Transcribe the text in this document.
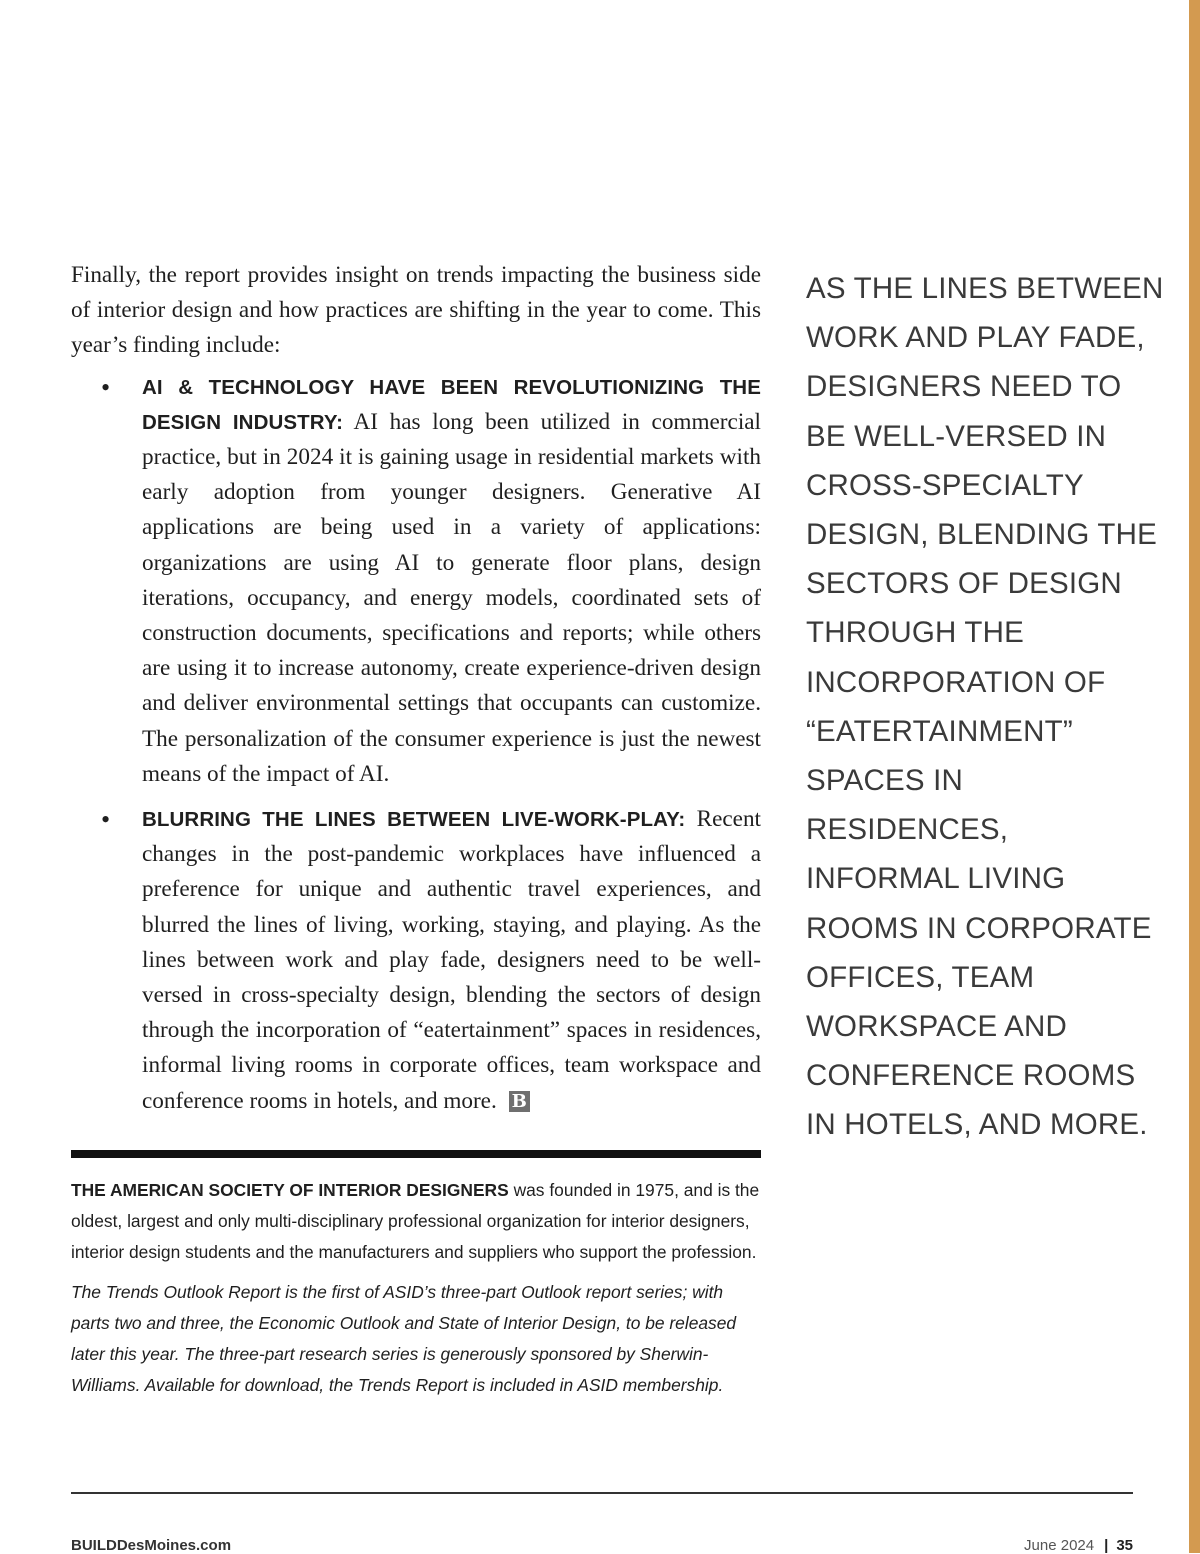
Finally, the report provides insight on trends impacting the business side of interior design and how practices are shifting in the year to come. This year’s finding include:

• AI & TECHNOLOGY HAVE BEEN REVOLUTIONIZING THE DESIGN INDUSTRY: AI has long been utilized in commercial practice, but in 2024 it is gaining usage in residential markets with early adoption from younger designers. Generative AI applications are being used in a variety of applications: organizations are using AI to generate floor plans, design iterations, occupancy, and energy models, coordinated sets of construction documents, specifications and reports; while others are using it to increase autonomy, create experience-driven design and deliver environmental settings that occupants can customize. The personalization of the consumer experience is just the newest means of the impact of AI.
• BLURRING THE LINES BETWEEN LIVE-WORK-PLAY: Recent changes in the post-pandemic workplaces have influenced a preference for unique and authentic travel experiences, and blurred the lines of living, working, staying, and playing. As the lines between work and play fade, designers need to be well-versed in cross-specialty design, blending the sectors of design through the incorporation of “eatertainment” spaces in residences, informal living rooms in corporate offices, team workspace and conference rooms in hotels, and more. B

THE AMERICAN SOCIETY OF INTERIOR DESIGNERS was founded in 1975, and is the oldest, largest and only multi-disciplinary professional organization for interior designers, interior design students and the manufacturers and suppliers who support the profession.

The Trends Outlook Report is the first of ASID’s three-part Outlook report series; with parts two and three, the Economic Outlook and State of Interior Design, to be released later this year. The three-part research series is generously sponsored by Sherwin-Williams. Available for download, the Trends Report is included in ASID membership.

AS THE LINES BETWEEN WORK AND PLAY FADE, DESIGNERS NEED TO BE WELL-VERSED IN CROSS-SPECIALTY DESIGN, BLENDING THE SECTORS OF DESIGN THROUGH THE INCORPORATION OF “EATERTAINMENT” SPACES IN RESIDENCES, INFORMAL LIVING ROOMS IN CORPORATE OFFICES, TEAM WORKSPACE AND CONFERENCE ROOMS IN HOTELS, AND MORE.
BUILDDesMoines.com	June 2024 | 35
